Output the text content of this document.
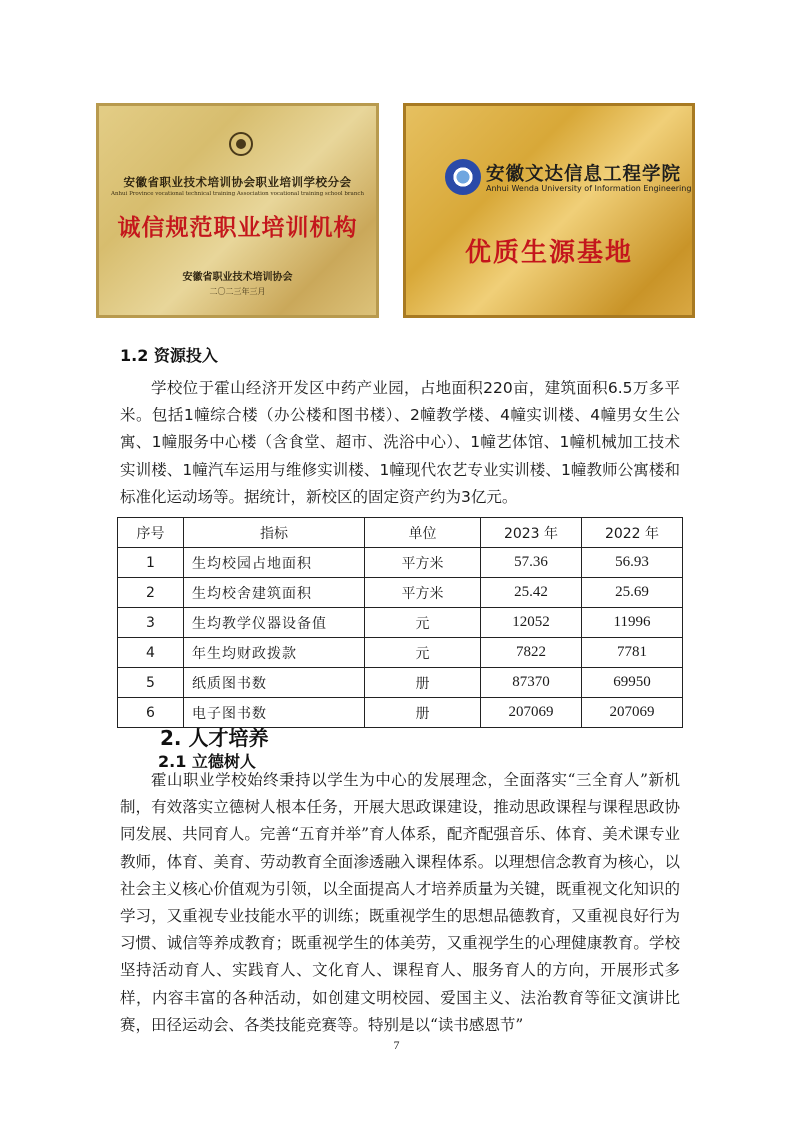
安徽省职业技术培训协会职业培训学校分会
Anhui Province vocational technical training Association vocational training school branch
诚信规范职业培训机构
安徽省职业技术培训协会
二〇二三年三月
安徽文达信息工程学院
Anhui Wenda University of Information Engineering
优质生源基地
1.2 资源投入

学校位于霍山经济开发区中药产业园，占地面积220亩，建筑面积6.5万多平米。包括1幢综合楼（办公楼和图书楼）、2幢教学楼、4幢实训楼、4幢男女生公寓、1幢服务中心楼（含食堂、超市、洗浴中心）、1幢艺体馆、1幢机械加工技术实训楼、1幢汽车运用与维修实训楼、1幢现代农艺专业实训楼、1幢教师公寓楼和标准化运动场等。据统计，新校区的固定资产约为3亿元。

序号	指标	单位	2023 年	2022 年
1	生均校园占地面积	平方米	57.36	56.93
2	生均校舍建筑面积	平方米	25.42	25.69
3	生均教学仪器设备值	元	12052	11996
4	年生均财政拨款	元	7822	7781
5	纸质图书数	册	87370	69950
6	电子图书数	册	207069	207069
2. 人才培养
2.1 立德树人

霍山职业学校始终秉持以学生为中心的发展理念，全面落实“三全育人”新机制，有效落实立德树人根本任务，开展大思政课建设，推动思政课程与课程思政协同发展、共同育人。完善“五育并举”育人体系，配齐配强音乐、体育、美术课专业教师，体育、美育、劳动教育全面渗透融入课程体系。以理想信念教育为核心，以社会主义核心价值观为引领，以全面提高人才培养质量为关键，既重视文化知识的学习，又重视专业技能水平的训练；既重视学生的思想品德教育，又重视良好行为习惯、诚信等养成教育；既重视学生的体美劳，又重视学生的心理健康教育。学校坚持活动育人、实践育人、文化育人、课程育人、服务育人的方向，开展形式多样，内容丰富的各种活动，如创建文明校园、爱国主义、法治教育等征文演讲比赛，田径运动会、各类技能竞赛等。特别是以“读书感恩节”

7
